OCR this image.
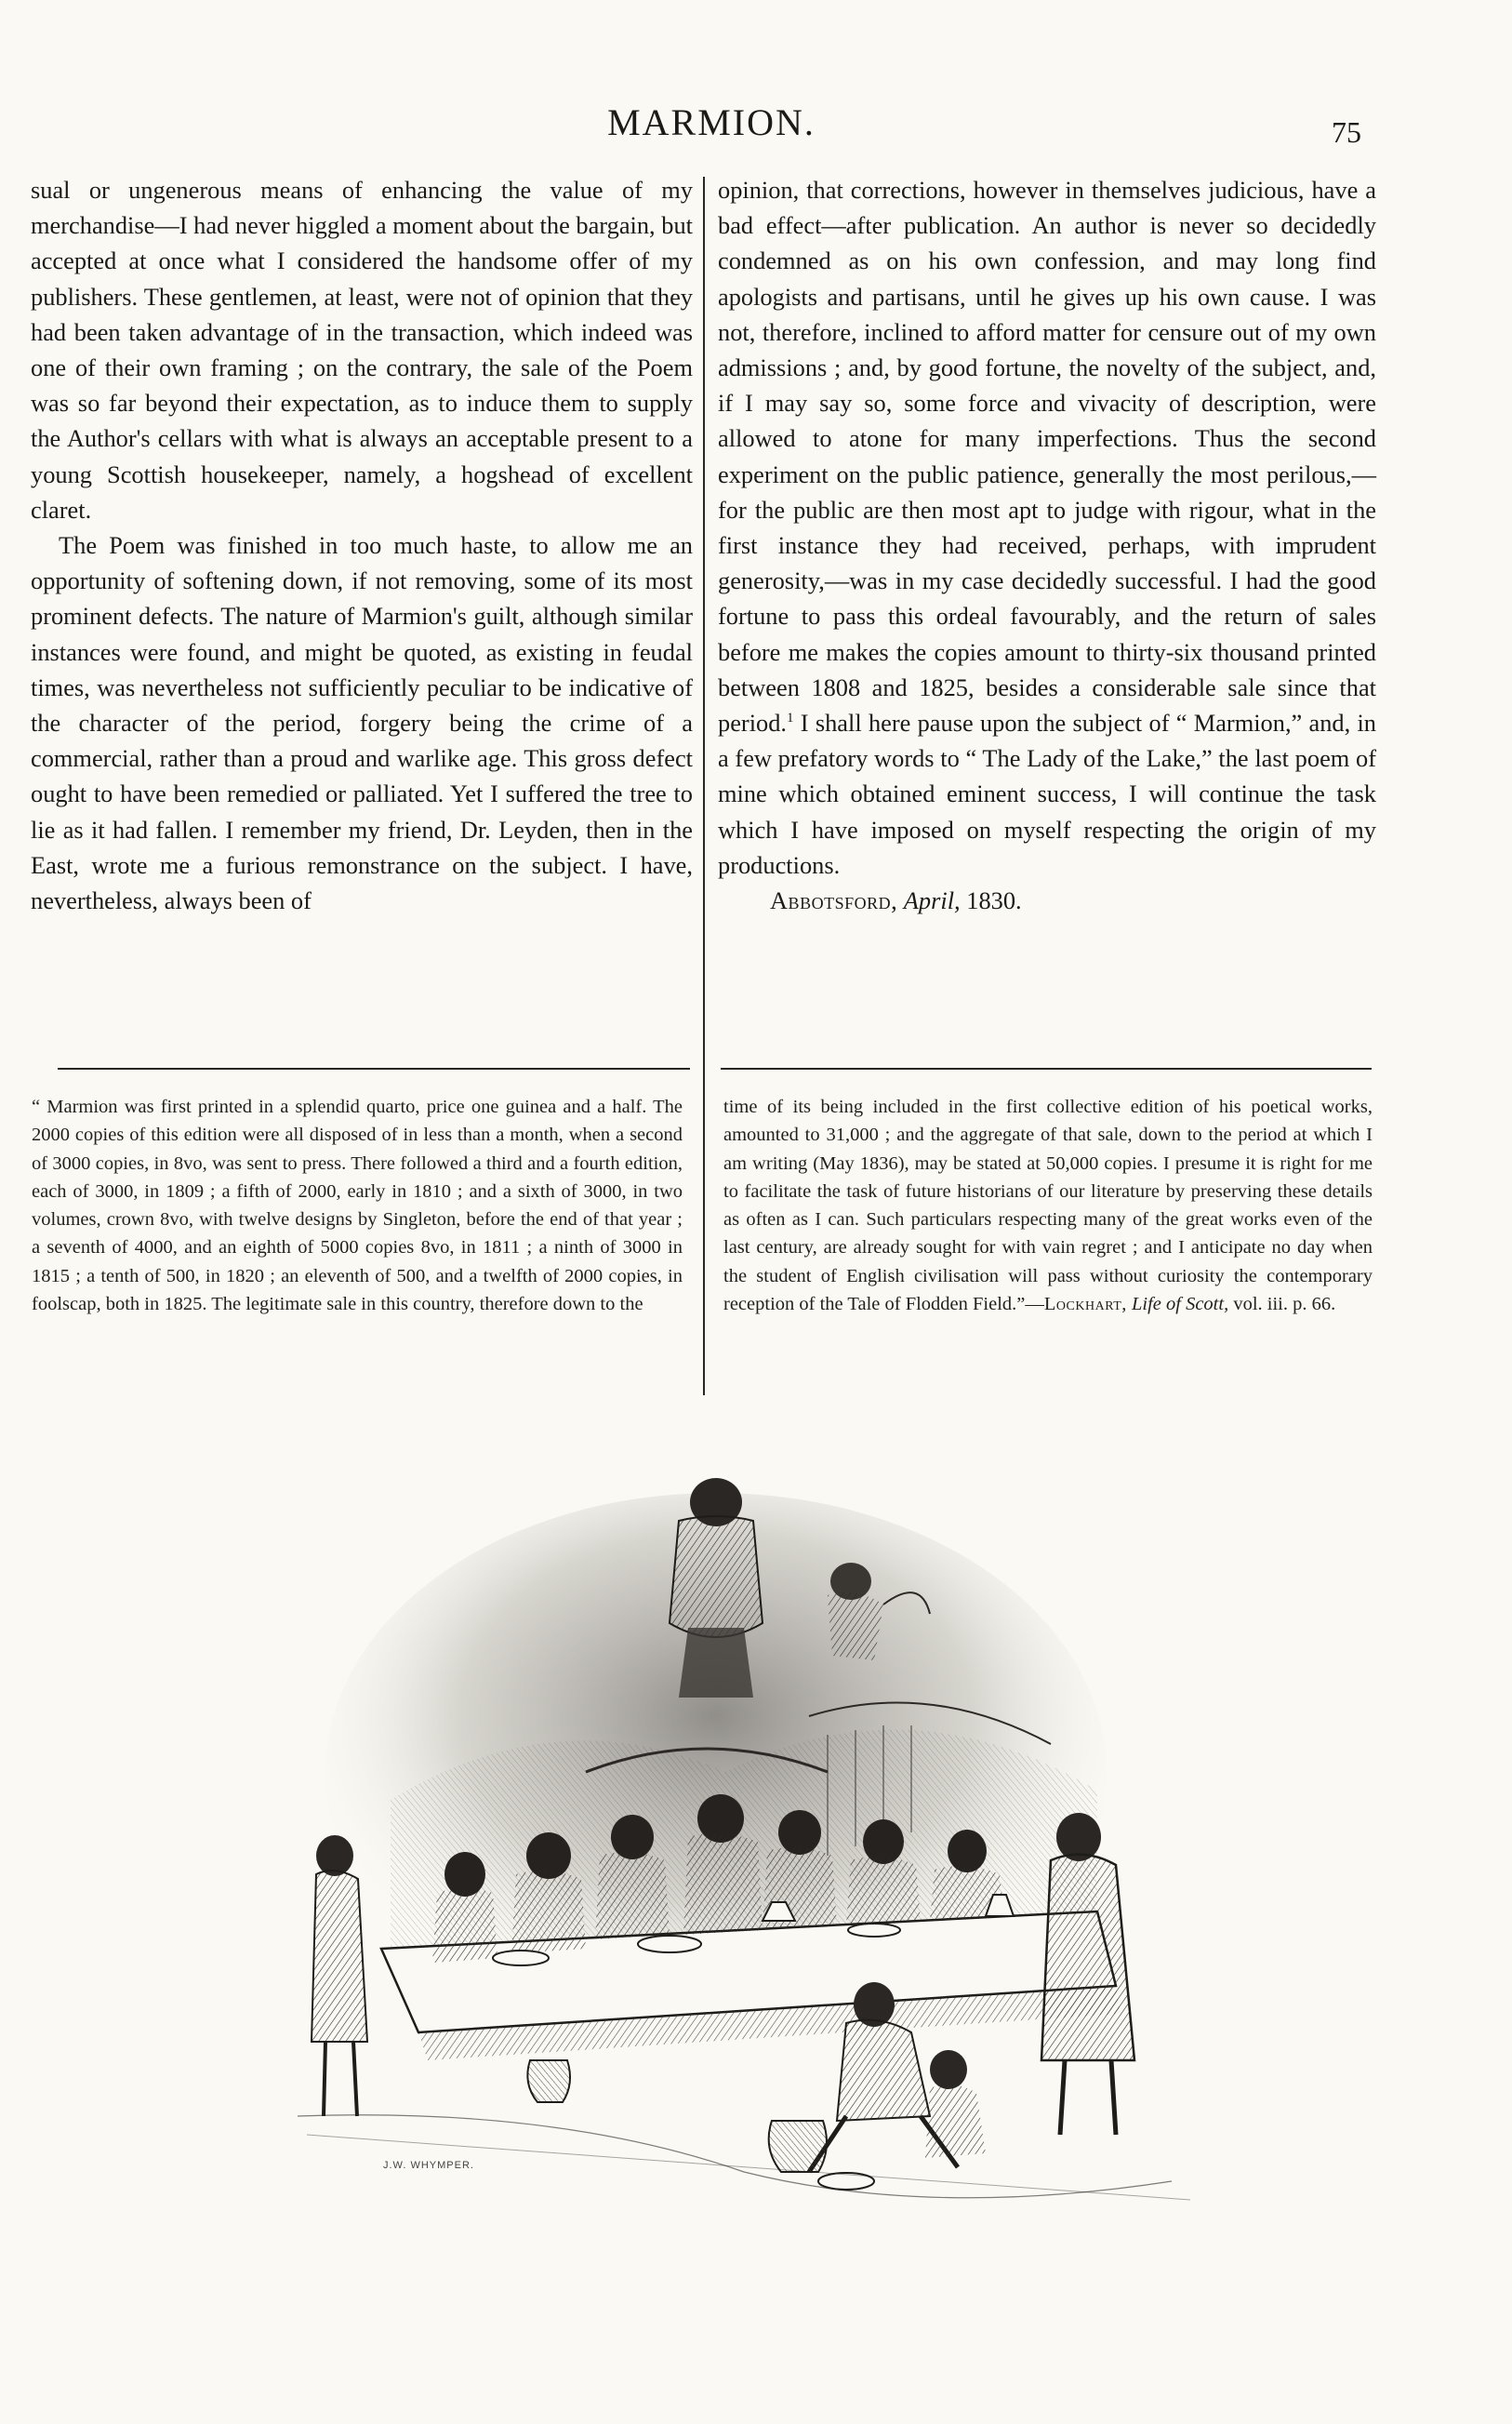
MARMION.	75

sual or ungenerous means of enhancing the value of my merchandise—I had never higgled a moment about the bargain, but accepted at once what I considered the handsome offer of my publishers. These gentlemen, at least, were not of opinion that they had been taken advantage of in the transaction, which indeed was one of their own framing ; on the contrary, the sale of the Poem was so far beyond their expectation, as to induce them to supply the Author's cellars with what is always an acceptable present to a young Scottish housekeeper, namely, a hogshead of excellent claret.

The Poem was finished in too much haste, to allow me an opportunity of softening down, if not removing, some of its most prominent defects. The nature of Marmion's guilt, although similar instances were found, and might be quoted, as existing in feudal times, was nevertheless not sufficiently peculiar to be indicative of the character of the period, forgery being the crime of a commercial, rather than a proud and warlike age. This gross defect ought to have been remedied or palliated. Yet I suffered the tree to lie as it had fallen. I remember my friend, Dr. Leyden, then in the East, wrote me a furious remonstrance on the subject. I have, nevertheless, always been of

opinion, that corrections, however in themselves judicious, have a bad effect—after publication. An author is never so decidedly condemned as on his own confession, and may long find apologists and partisans, until he gives up his own cause. I was not, therefore, inclined to afford matter for censure out of my own admissions ; and, by good fortune, the novelty of the subject, and, if I may say so, some force and vivacity of description, were allowed to atone for many imperfections. Thus the second experiment on the public patience, generally the most perilous,—for the public are then most apt to judge with rigour, what in the first instance they had received, perhaps, with imprudent generosity,—was in my case decidedly successful. I had the good fortune to pass this ordeal favourably, and the return of sales before me makes the copies amount to thirty-six thousand printed between 1808 and 1825, besides a considerable sale since that period.$^1$ I shall here pause upon the subject of “ Marmion,” and, in a few prefatory words to “ The Lady of the Lake,” the last poem of mine which obtained eminent success, I will continue the task which I have imposed on myself respecting the origin of my productions.

Abbotsford, April, 1830.

“ Marmion was first printed in a splendid quarto, price one guinea and a half. The 2000 copies of this edition were all disposed of in less than a month, when a second of 3000 copies, in 8vo, was sent to press. There followed a third and a fourth edition, each of 3000, in 1809 ; a fifth of 2000, early in 1810 ; and a sixth of 3000, in two volumes, crown 8vo, with twelve designs by Singleton, before the end of that year ; a seventh of 4000, and an eighth of 5000 copies 8vo, in 1811 ; a ninth of 3000 in 1815 ; a tenth of 500, in 1820 ; an eleventh of 500, and a twelfth of 2000 copies, in foolscap, both in 1825. The legitimate sale in this country, therefore down to the

time of its being included in the first collective edition of his poetical works, amounted to 31,000 ; and the aggregate of that sale, down to the period at which I am writing (May 1836), may be stated at 50,000 copies. I presume it is right for me to facilitate the task of future historians of our literature by preserving these details as often as I can. Such particulars respecting many of the great works even of the last century, are already sought for with vain regret ; and I anticipate no day when the student of English civilisation will pass without curiosity the contemporary reception of the Tale of Flodden Field.”—Lockhart, Life of Scott, vol. iii. p. 66.

J.W. WHYMPER.
